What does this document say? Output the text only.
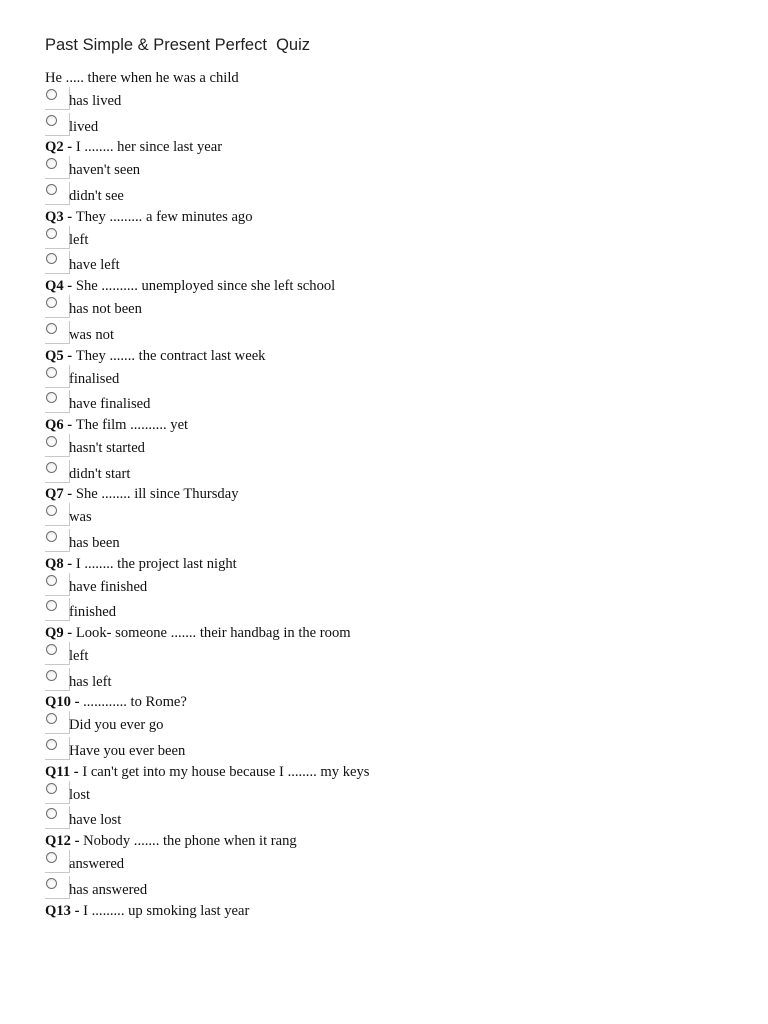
Past Simple & Present Perfect  Quiz
He ..... there when he was a child
has lived
lived
Q2 - I ........ her since last year
haven't seen
didn't see
Q3 - They ......... a few minutes ago
left
have left
Q4 - She .......... unemployed since she left school
has not been
was not
Q5 - They ....... the contract last week
finalised
have finalised
Q6 - The film .......... yet
hasn't started
didn't start
Q7 - She ........ ill since Thursday
was
has been
Q8 - I ........ the project last night
have finished
finished
Q9 - Look- someone ....... their handbag in the room
left
has left
Q10 - ............ to Rome?
Did you ever go
Have you ever been
Q11 - I can't get into my house because I ........ my keys
lost
have lost
Q12 - Nobody ....... the phone when it rang
answered
has answered
Q13 - I ......... up smoking last year
